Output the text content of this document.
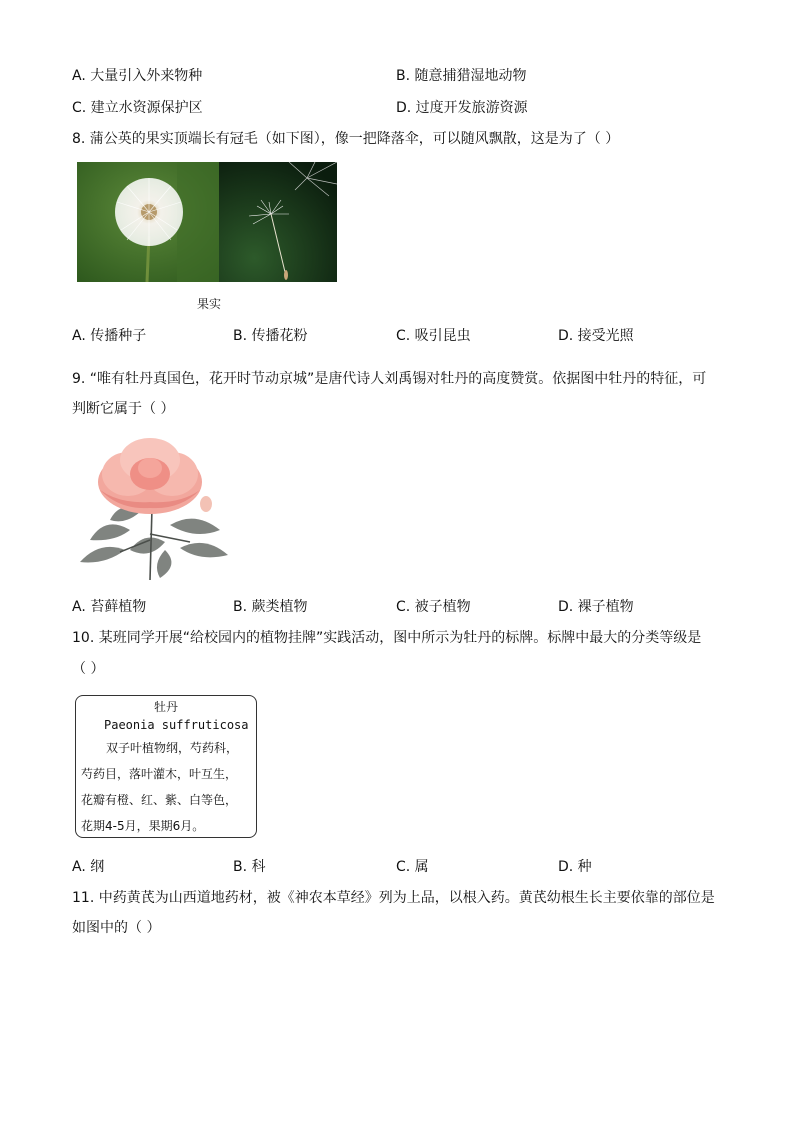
A. 大量引入外来物种	B. 随意捕猎湿地动物
C. 建立水资源保护区	D. 过度开发旅游资源
8. 蒲公英的果实顶端长有冠毛（如下图），像一把降落伞，可以随风飘散，这是为了（ ）
果实
A. 传播种子	B. 传播花粉	C. 吸引昆虫	D. 接受光照
9. “唯有牡丹真国色，花开时节动京城”是唐代诗人刘禹锡对牡丹的高度赞赏。依据图中牡丹的特征，可
判断它属于（ ）
A. 苔藓植物	B. 蕨类植物	C. 被子植物	D. 裸子植物
10. 某班同学开展“给校园内的植物挂牌”实践活动，图中所示为牡丹的标牌。标牌中最大的分类等级是
（ ）
牡丹
Paeonia suffruticosa
双子叶植物纲，芍药科，
芍药目，落叶灌木，叶互生，
花瓣有橙、红、紫、白等色，
花期4-5月，果期6月。
A. 纲	B. 科	C. 属	D. 种
11. 中药黄芪为山西道地药材，被《神农本草经》列为上品，以根入药。黄芪幼根生长主要依靠的部位是
如图中的（ ）
